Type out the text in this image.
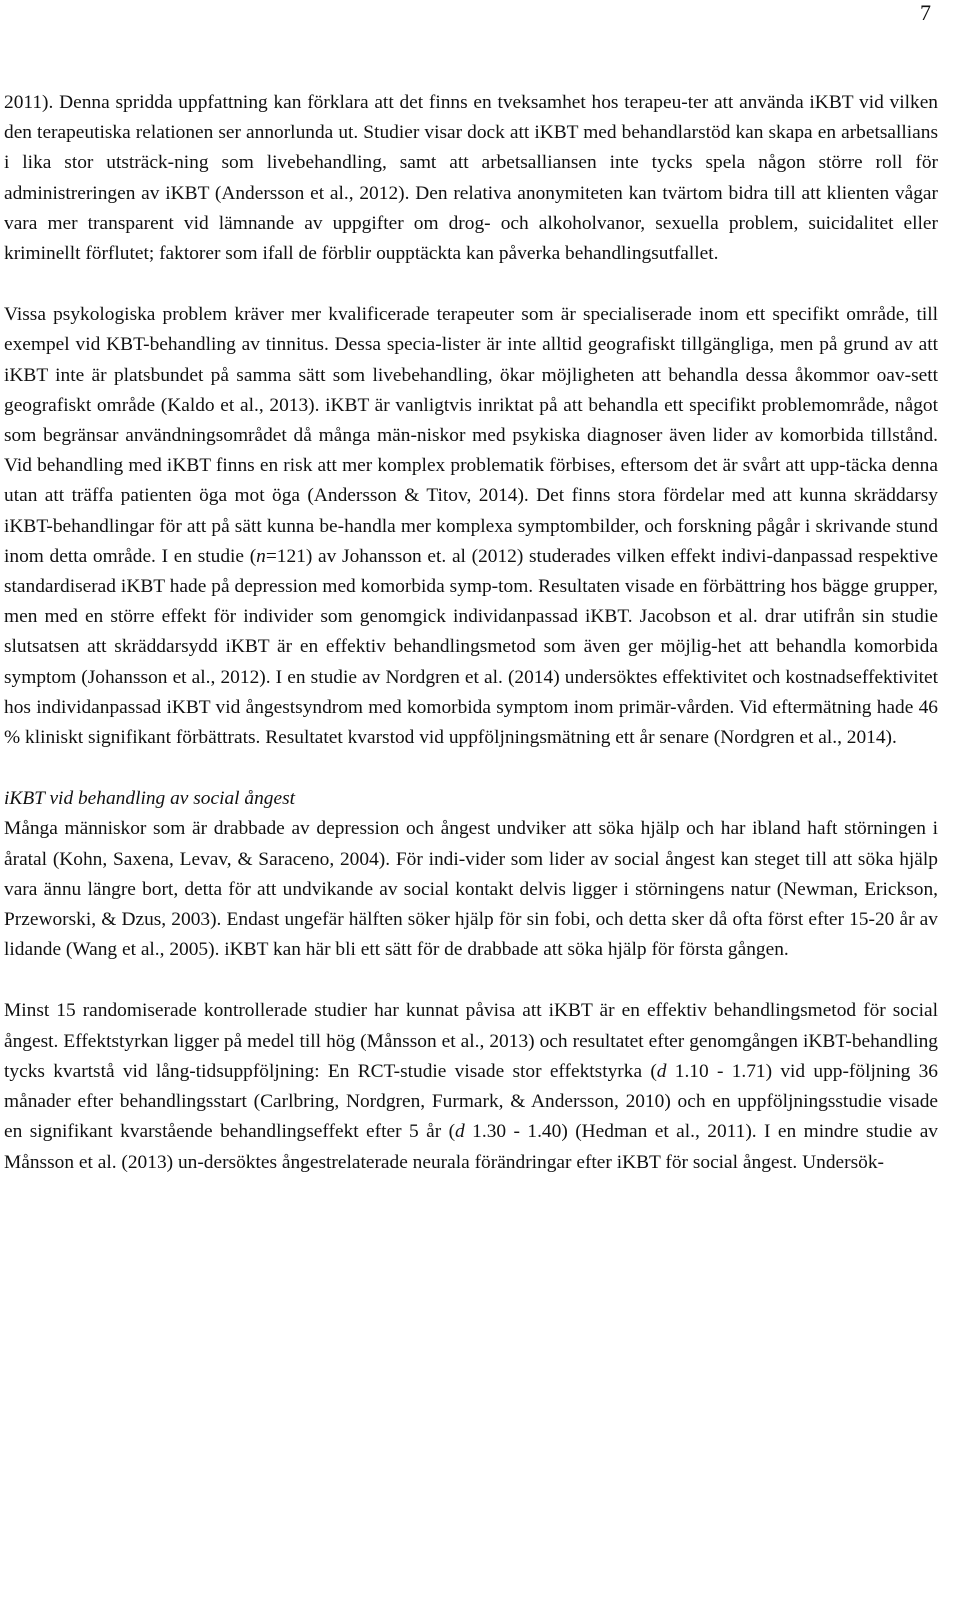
7

2011). Denna spridda uppfattning kan förklara att det finns en tveksamhet hos terapeu-ter att använda iKBT vid vilken den terapeutiska relationen ser annorlunda ut. Studier visar dock att iKBT med behandlarstöd kan skapa en arbetsallians i lika stor utsträck-ning som livebehandling, samt att arbetsalliansen inte tycks spela någon större roll för administreringen av iKBT (Andersson et al., 2012). Den relativa anonymiteten kan tvärtom bidra till att klienten vågar vara mer transparent vid lämnande av uppgifter om drog- och alkoholvanor, sexuella problem, suicidalitet eller kriminellt förflutet; faktorer som ifall de förblir oupptäckta kan påverka behandlingsutfallet.

Vissa psykologiska problem kräver mer kvalificerade terapeuter som är specialiserade inom ett specifikt område, till exempel vid KBT-behandling av tinnitus. Dessa specia-lister är inte alltid geografiskt tillgängliga, men på grund av att iKBT inte är platsbundet på samma sätt som livebehandling, ökar möjligheten att behandla dessa åkommor oav-sett geografiskt område (Kaldo et al., 2013). iKBT är vanligtvis inriktat på att behandla ett specifikt problemområde, något som begränsar användningsområdet då många män-niskor med psykiska diagnoser även lider av komorbida tillstånd. Vid behandling med iKBT finns en risk att mer komplex problematik förbises, eftersom det är svårt att upp-täcka denna utan att träffa patienten öga mot öga (Andersson & Titov, 2014). Det finns stora fördelar med att kunna skräddarsy iKBT-behandlingar för att på sätt kunna be-handla mer komplexa symptombilder, och forskning pågår i skrivande stund inom detta område. I en studie (n=121) av Johansson et. al (2012) studerades vilken effekt indivi-danpassad respektive standardiserad iKBT hade på depression med komorbida symp-tom. Resultaten visade en förbättring hos bägge grupper, men med en större effekt för individer som genomgick individanpassad iKBT. Jacobson et al. drar utifrån sin studie slutsatsen att skräddarsydd iKBT är en effektiv behandlingsmetod som även ger möjlig-het att behandla komorbida symptom (Johansson et al., 2012). I en studie av Nordgren et al. (2014) undersöktes effektivitet och kostnadseffektivitet hos individanpassad iKBT vid ångestsyndrom med komorbida symptom inom primär-vården. Vid eftermätning hade 46 % kliniskt signifikant förbättrats. Resultatet kvarstod vid uppföljningsmätning ett år senare (Nordgren et al., 2014).

iKBT vid behandling av social ångest

Många människor som är drabbade av depression och ångest undviker att söka hjälp och har ibland haft störningen i åratal (Kohn, Saxena, Levav, & Saraceno, 2004). För indi-vider som lider av social ångest kan steget till att söka hjälp vara ännu längre bort, detta för att undvikande av social kontakt delvis ligger i störningens natur (Newman, Erickson, Przeworski, & Dzus, 2003). Endast ungefär hälften söker hjälp för sin fobi, och detta sker då ofta först efter 15-20 år av lidande (Wang et al., 2005). iKBT kan här bli ett sätt för de drabbade att söka hjälp för första gången.

Minst 15 randomiserade kontrollerade studier har kunnat påvisa att iKBT är en effektiv behandlingsmetod för social ångest. Effektstyrkan ligger på medel till hög (Månsson et al., 2013) och resultatet efter genomgången iKBT-behandling tycks kvartstå vid lång-tidsuppföljning: En RCT-studie visade stor effektstyrka (d 1.10 - 1.71) vid upp-följning 36 månader efter behandlingsstart (Carlbring, Nordgren, Furmark, & Andersson, 2010) och en uppföljningsstudie visade en signifikant kvarstående behandlingseffekt efter 5 år (d 1.30 - 1.40) (Hedman et al., 2011). I en mindre studie av Månsson et al. (2013) un-dersöktes ångestrelaterade neurala förändringar efter iKBT för social ångest. Undersök-
